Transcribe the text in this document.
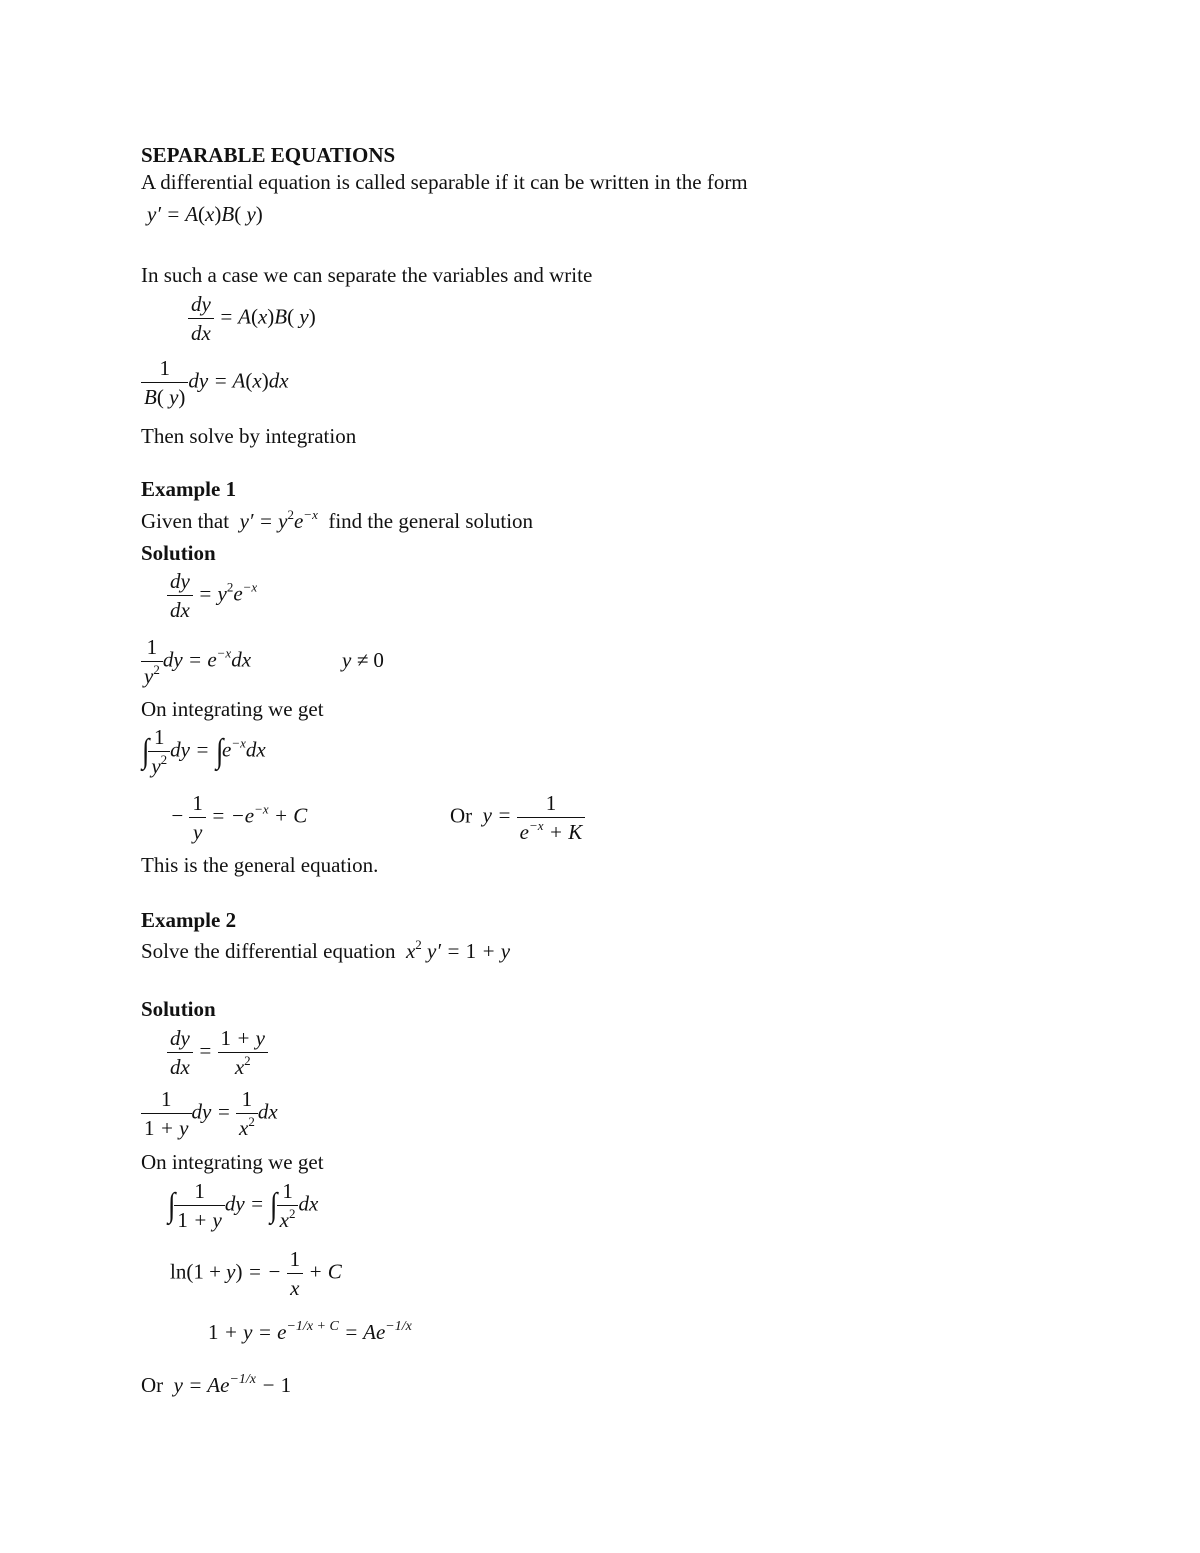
SEPARABLE EQUATIONS
A differential equation is called separable if it can be written in the form
y′ = A(x)B( y)
In such a case we can separate the variables and write
$\frac{dy}{dx} = A(x)B$( y)
$\frac{1}{B( y)}$ dy = A(x)dx
Then solve by integration
Example 1
Given that  $y' = y^2e^{-x}$ find the general solution
Solution
$\frac{dy}{dx} = y^2e^{-x}$
$\frac{1}{y^2}$ dy = $e^{-x}dx$	y ≠ 0
On integrating we get
∫
$\frac{1}{y^2}$ dy = $\int e^{-x}dx$
− $\frac{1}{y} = -e^{-x} + C$	Or  $y = \frac{1}{e^{-x} + K}$
This is the general equation.
Example 2
Solve the differential equation  $x^2$ y′ = 1 + y
Solution
$\frac{dy}{dx} = \frac{1 + y}{x^2}$
$\frac{1}{1 + y}$ dy = $\frac{1}{x^2}$ dx
On integrating we get
∫
$\frac{1}{1 + y}$ dy = ∫
$\frac{1}{x^2}$ dx
ln(1 + y) = − $\frac{1}{x} + C$
$1 + y = e^{-1/x + C} = Ae^{-1/x}$
Or  $y = Ae^{-1/x} - 1$
